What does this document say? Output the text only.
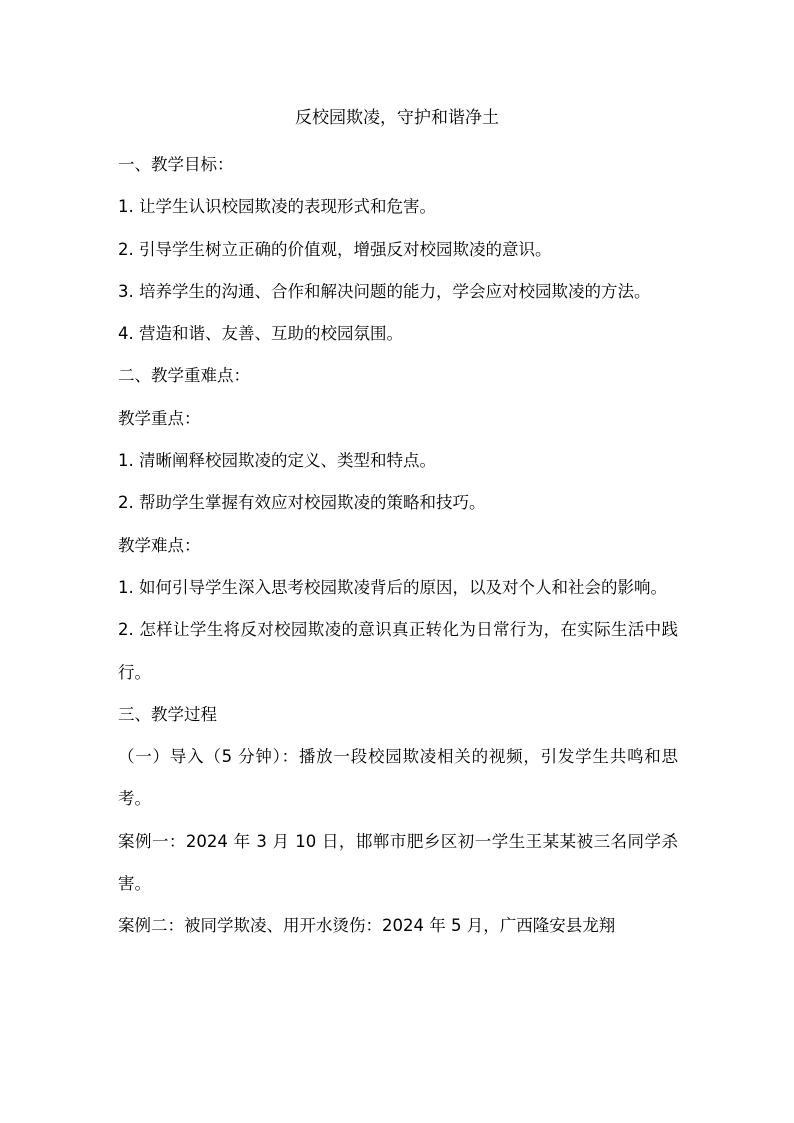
反校园欺凌，守护和谐净土

一、教学目标：

1. 让学生认识校园欺凌的表现形式和危害。

2. 引导学生树立正确的价值观，增强反对校园欺凌的意识。

3. 培养学生的沟通、合作和解决问题的能力，学会应对校园欺凌的方法。

4. 营造和谐、友善、互助的校园氛围。

二、教学重难点：

教学重点：

1. 清晰阐释校园欺凌的定义、类型和特点。

2. 帮助学生掌握有效应对校园欺凌的策略和技巧。

教学难点：

1. 如何引导学生深入思考校园欺凌背后的原因，以及对个人和社会的影响。

2. 怎样让学生将反对校园欺凌的意识真正转化为日常行为，在实际生活中践行。

三、教学过程

（一）导入（5 分钟）：播放一段校园欺凌相关的视频，引发学生共鸣和思考。

案例一：2024 年 3 月 10 日，邯郸市肥乡区初一学生王某某被三名同学杀害。

案例二：被同学欺凌、用开水烫伤：2024 年 5 月，广西隆安县龙翔
